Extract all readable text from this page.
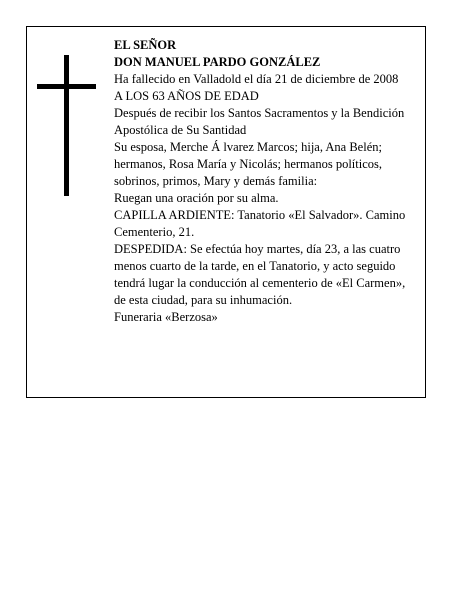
EL SEÑOR

DON MANUEL PARDO GONZÁLEZ

Ha fallecido en Valladold el día 21 de diciembre de 2008

A LOS 63 AÑOS DE EDAD

Después de recibir los Santos Sacramentos y la Bendición Apostólica de Su Santidad

Su esposa, Merche Á lvarez Marcos; hija, Ana Belén; hermanos, Rosa María y Nicolás; hermanos políticos, sobrinos, primos, Mary y demás familia:

Ruegan una oración por su alma.

CAPILLA ARDIENTE: Tanatorio «El Salvador». Camino Cementerio, 21.

DESPEDIDA: Se efectúa hoy martes, día 23, a las cuatro menos cuarto de la tarde, en el Tanatorio, y acto seguido tendrá lugar la conducción al cementerio de «El Carmen», de esta ciudad, para su inhumación.

Funeraria «Berzosa»
